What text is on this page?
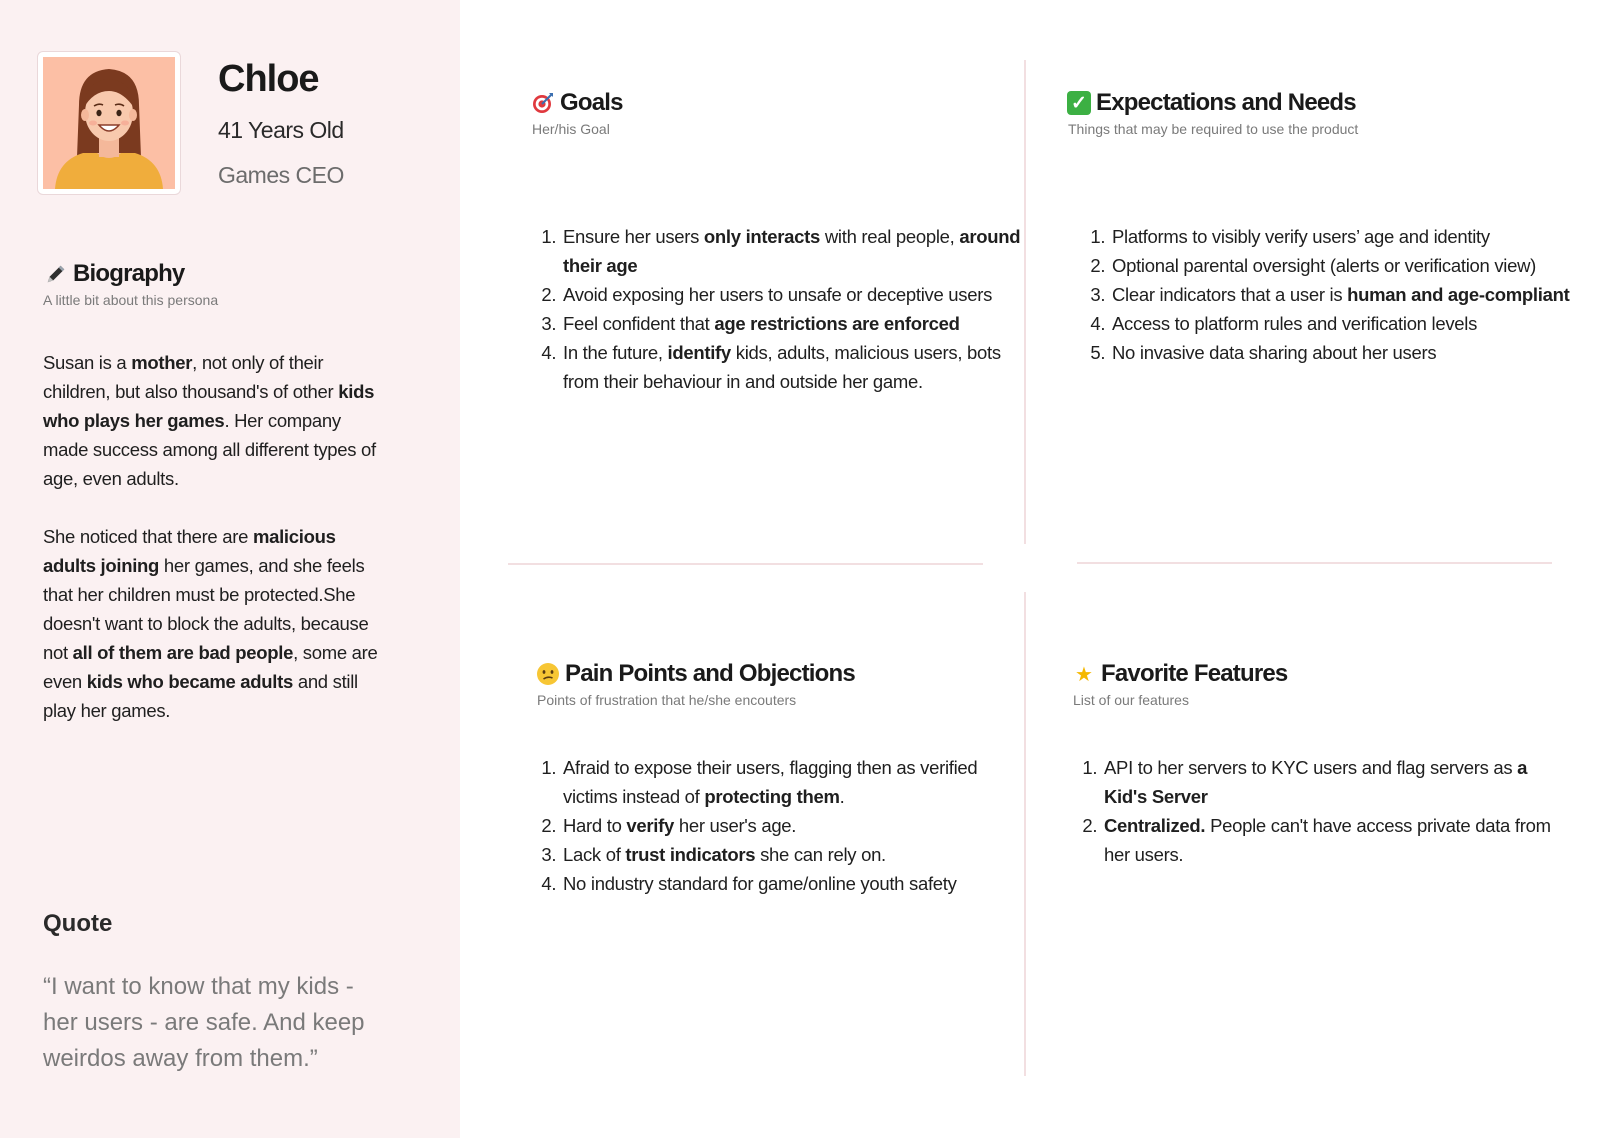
Chloe
41 Years Old
Games CEO
Biography
A little bit about this persona

Susan is a mother, not only of their children, but also thousand's of other kids who plays her games. Her company made success among all different types of age, even adults.

She noticed that there are malicious adults joining her games, and she feels that her children must be protected.She doesn't want to block the adults, because not all of them are bad people, some are even kids who became adults and still play her games.

Quote
“I want to know that my kids - her users - are safe. And keep weirdos away from them.”
Goals
Her/his Goal
1. Ensure her users only interacts with real people, around their age
2. Avoid exposing her users to unsafe or deceptive users
3. Feel confident that age restrictions are enforced
4. In the future, identify kids, adults, malicious users, bots from their behaviour in and outside her game.
✓ Expectations and Needs
Things that may be required to use the product
1. Platforms to visibly verify users’ age and identity
2. Optional parental oversight (alerts or verification view)
3. Clear indicators that a user is human and age-compliant
4. Access to platform rules and verification levels
5. No invasive data sharing about her users
Pain Points and Objections
Points of frustration that he/she encouters
1. Afraid to expose their users, flagging then as verified victims instead of protecting them.
2. Hard to verify her user's age.
3. Lack of trust indicators she can rely on.
4. No industry standard for game/online youth safety
★ Favorite Features
List of our features
1. API to her servers to KYC users and flag servers as a Kid's Server
2. Centralized. People can't have access private data from her users.
